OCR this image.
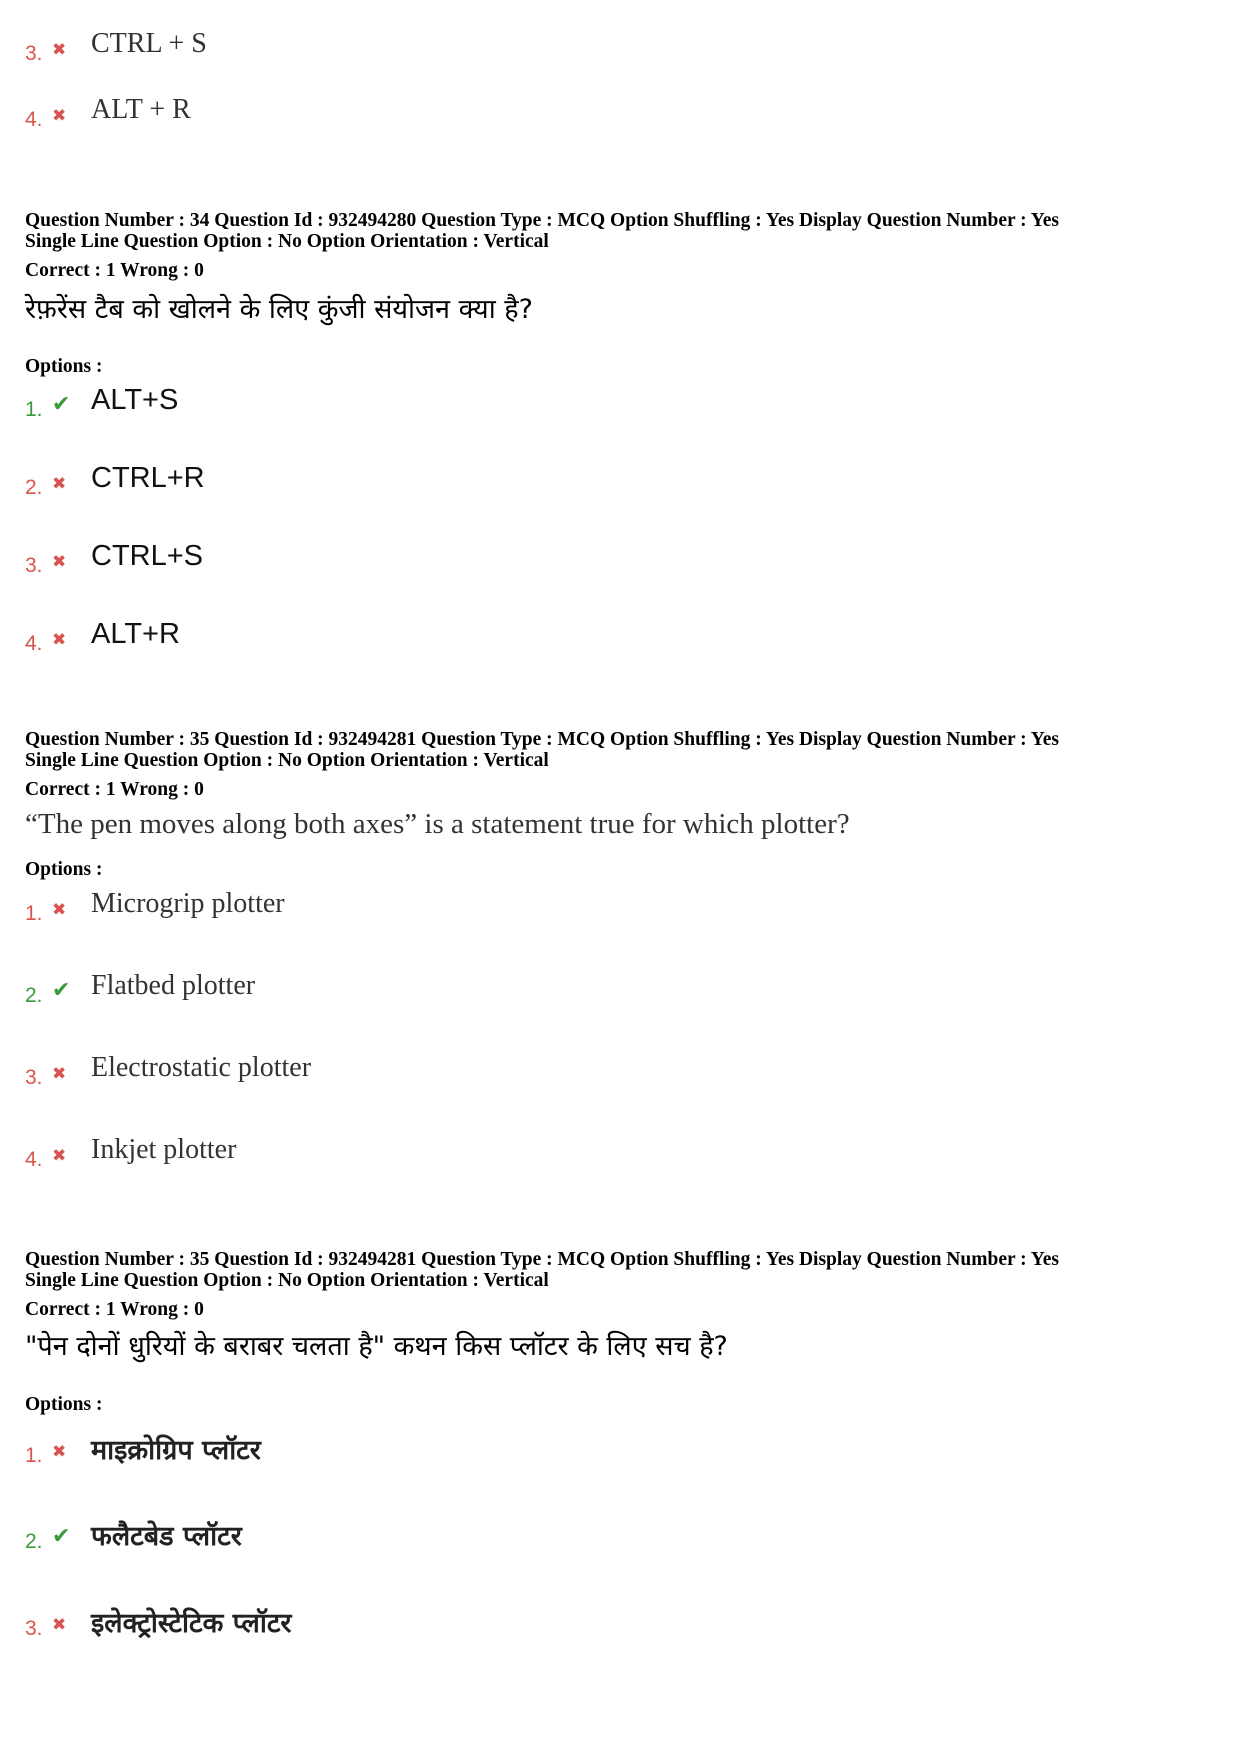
3. ✖ CTRL + S
4. ✖ ALT + R
Question Number : 34 Question Id : 932494280 Question Type : MCQ Option Shuffling : Yes Display Question Number : Yes
Single Line Question Option : No Option Orientation : Vertical
Correct : 1 Wrong : 0
रेफ़रेंस टैब को खोलने के लिए कुंजी संयोजन क्या है?
Options :
1. ✔ ALT+S
2. ✖ CTRL+R
3. ✖ CTRL+S
4. ✖ ALT+R
Question Number : 35 Question Id : 932494281 Question Type : MCQ Option Shuffling : Yes Display Question Number : Yes
Single Line Question Option : No Option Orientation : Vertical
Correct : 1 Wrong : 0
“The pen moves along both axes” is a statement true for which plotter?
Options :
1. ✖ Microgrip plotter
2. ✔ Flatbed plotter
3. ✖ Electrostatic plotter
4. ✖ Inkjet plotter
Question Number : 35 Question Id : 932494281 Question Type : MCQ Option Shuffling : Yes Display Question Number : Yes
Single Line Question Option : No Option Orientation : Vertical
Correct : 1 Wrong : 0
"पेन दोनों धुरियों के बराबर चलता है" कथन किस प्लॉटर के लिए सच है?
Options :
1. ✖ माइक्रोग्रिप प्लॉटर
2. ✔ फलैटबेड प्लॉटर
3. ✖ इलेक्ट्रोस्टेटिक प्लॉटर
